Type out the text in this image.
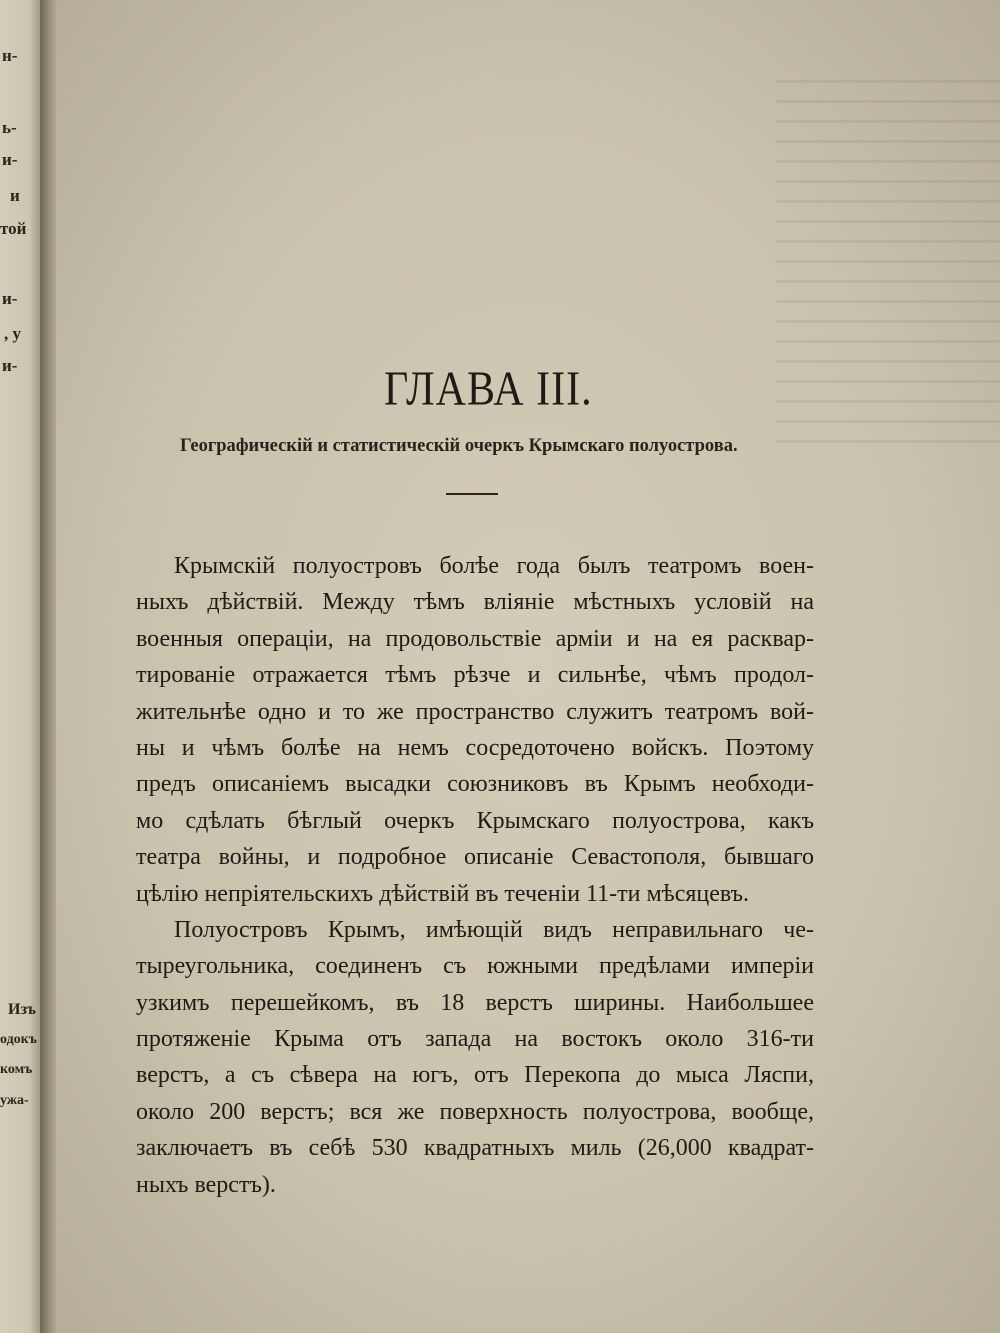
н-
ь-
и-
и
той
и-
, у
и-
Изъ
одокъ
комъ
ужа-
ГЛАВА III.
Географическій и статистическій очеркъ Крымскаго полуострова.
Крымскій полуостровъ болѣе года былъ театромъ воен-
ныхъ дѣйствій. Между тѣмъ вліяніе мѣстныхъ условій на
военныя операціи, на продовольствіе арміи и на ея расквар-
тированіе отражается тѣмъ рѣзче и сильнѣе, чѣмъ продол-
жительнѣе одно и то же пространство служитъ театромъ вой-
ны и чѣмъ болѣе на немъ сосредоточено войскъ. Поэтому
предъ описаніемъ высадки союзниковъ въ Крымъ необходи-
мо сдѣлать бѣглый очеркъ Крымскаго полуострова, какъ
театра войны, и подробное описаніе Севастополя, бывшаго
цѣлію непріятельскихъ дѣйствій въ теченіи 11-ти мѣсяцевъ.
Полуостровъ Крымъ, имѣющій видъ неправильнаго че-
тыреугольника, соединенъ съ южными предѣлами имперіи
узкимъ перешейкомъ, въ 18 верстъ ширины. Наибольшее
протяженіе Крыма отъ запада на востокъ около 316-ти
верстъ, а съ сѣвера на югъ, отъ Перекопа до мыса Ляспи,
около 200 верстъ; вся же поверхность полуострова, вообще,
заключаетъ въ себѣ 530 квадратныхъ миль (26,000 квадрат-
ныхъ верстъ).
